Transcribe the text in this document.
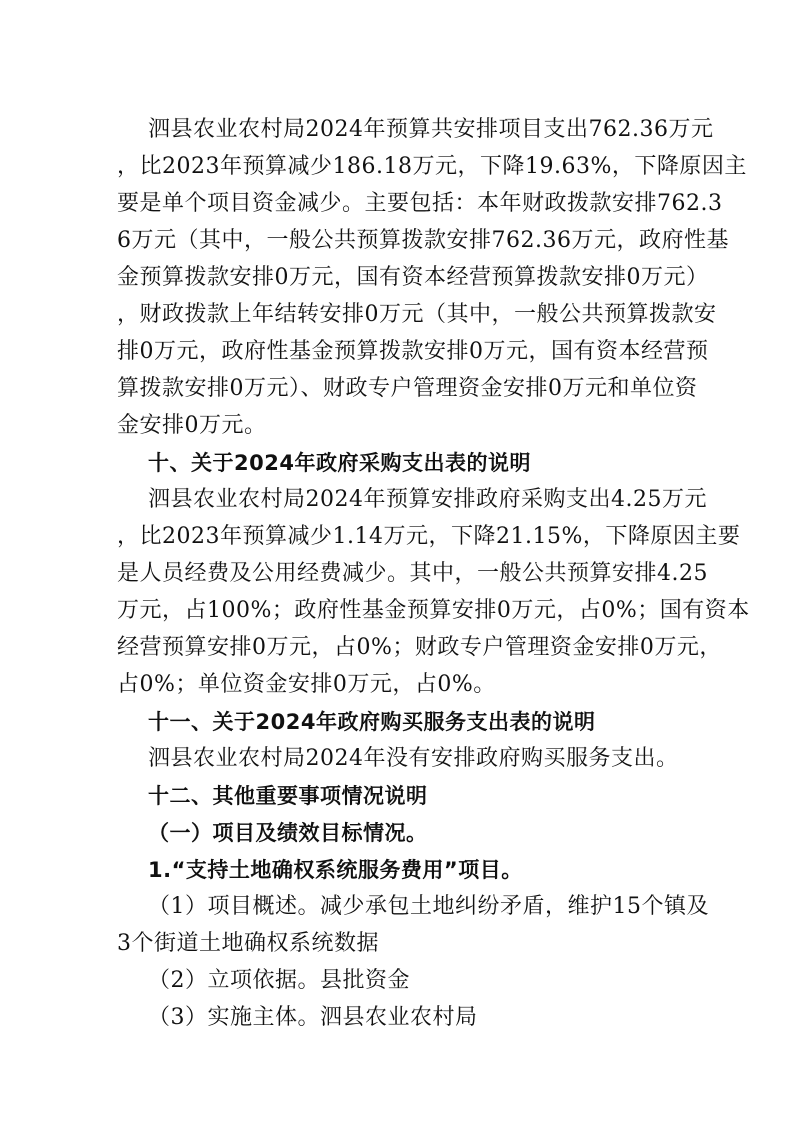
泗县农业农村局2024年预算共安排项目支出762.36万元
，比2023年预算减少186.18万元，下降19.63%，下降原因主
要是单个项目资金减少。主要包括：本年财政拨款安排762.3
6万元（其中，一般公共预算拨款安排762.36万元，政府性基
金预算拨款安排0万元，国有资本经营预算拨款安排0万元）
，财政拨款上年结转安排0万元（其中，一般公共预算拨款安
排0万元，政府性基金预算拨款安排0万元，国有资本经营预
算拨款安排0万元）、财政专户管理资金安排0万元和单位资
金安排0万元。
十、关于2024年政府采购支出表的说明
泗县农业农村局2024年预算安排政府采购支出4.25万元
，比2023年预算减少1.14万元，下降21.15%，下降原因主要
是人员经费及公用经费减少。其中，一般公共预算安排4.25
万元，占100%；政府性基金预算安排0万元，占0%；国有资本
经营预算安排0万元，占0%；财政专户管理资金安排0万元，
占0%；单位资金安排0万元，占0%。
十一、关于2024年政府购买服务支出表的说明
泗县农业农村局2024年没有安排政府购买服务支出。
十二、其他重要事项情况说明
（一）项目及绩效目标情况。
1.“支持土地确权系统服务费用”项目。
（1）项目概述。减少承包土地纠纷矛盾，维护15个镇及
3个街道土地确权系统数据
（2）立项依据。县批资金
（3）实施主体。泗县农业农村局
